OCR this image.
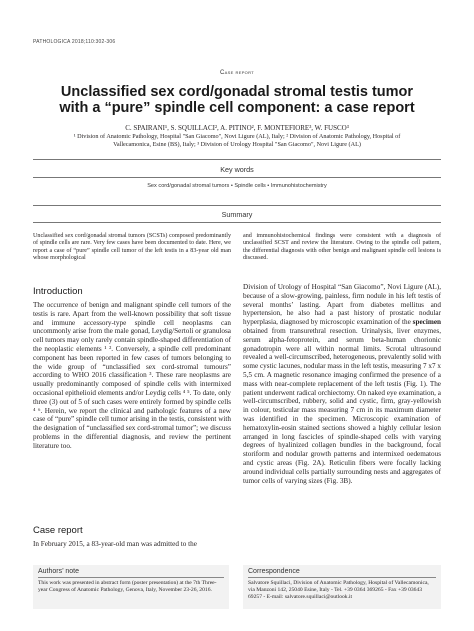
PATHOLOGICA 2018;110:302-306
Case report
Unclassified sex cord/gonadal stromal testis tumor
with a “pure” spindle cell component: a case report
C. SPAIRANI¹, S. SQUILLACI², A. PITINO², F. MONTEFIORE³, W. FUSCO³
¹ Division of Anatomic Pathology, Hospital "San Giacomo", Novi Ligure (AL), Italy; ² Division of Anatomic Pathology, Hospital of
Vallecamonica, Esine (BS), Italy; ³ Division of Urology Hospital "San Giacomo", Novi Ligure (AL)
Key words
Sex cord/gonadal stromal tumors • Spindle cells • Immunohistochemistry
Summary
Unclassified sex cord/gonadal stromal tumors (SCSTs) composed predominantly of spindle cells are rare. Very few cases have been documented to date. Here, we report a case of “pure” spindle cell tumor of the left testis in a 83-year old man whose morphological
and immunohistochemical findings were consistent with a diagnosis of unclassified SCST and review the literature. Owing to the spindle cell pattern, the differential diagnosis with other benign and malignant spindle cell lesions is discussed.
Introduction

The occurrence of benign and malignant spindle cell tumors of the testis is rare. Apart from the well-known possibility that soft tissue and immune accessory-type spindle cell neoplasms can uncommonly arise from the male gonad, Leydig/Sertoli or granulosa cell tumors may only rarely contain spindle-shaped differentiation of the neoplastic elements ¹ ². Conversely, a spindle cell predominant component has been reported in few cases of tumors belonging to the wide group of “unclassified sex cord-stromal tumours” according to WHO 2016 classification ³. These rare neoplasms are usually predominantly composed of spindle cells with intermixed occasional epithelioid elements and/or Leydig cells ⁴ ⁵. To date, only three (3) out of 5 of such cases were entirely formed by spindle cells ⁴ ⁶. Herein, we report the clinical and pathologic features of a new case of “pure” spindle cell tumor arising in the testis, consistent with the designation of “unclassified sex cord-stromal tumor”; we discuss problems in the differential diagnosis, and review the pertinent literature too.

Case report

In February 2015, a 83-year-old man was admitted to the

Division of Urology of Hospital “San Giacomo”, Novi Ligure (AL), because of a slow-growing, painless, firm nodule in his left testis of several months’ lasting. Apart from diabetes mellitus and hypertension, he also had a past history of prostatic nodular hyperplasia, diagnosed by microscopic examination of the specimen obtained from transurethral resection. Urinalysis, liver enzymes, serum alpha-fetoprotein, and serum beta-human chorionic gonadotropin were all within normal limits. Scrotal ultrasound revealed a well-circumscribed, heterogeneous, prevalently solid with some cystic lacunes, nodular mass in the left testis, measuring 7 x7 x 5,5 cm. A magnetic resonance imaging confirmed the presence of a mass with near-complete replacement of the left testis (Fig. 1). The patient underwent radical orchiectomy. On naked eye examination, a well-circumscribed, rubbery, solid and cystic, firm, gray-yellowish in colour, testicular mass measuring 7 cm in its maximum diameter was identified in the specimen. Microscopic examination of hematoxylin-eosin stained sections showed a highly cellular lesion arranged in long fascicles of spindle-shaped cells with varying degrees of hyalinized collagen bundles in the background, focal storiform and nodular growth patterns and intermixed oedematous and cystic areas (Fig. 2A). Reticulin fibers were focally lacking around individual cells partially surrounding nests and aggregates of tumor cells of varying sizes (Fig. 3B).

Authors’ note
This work was presented in abstract form (poster presentation) at the 7th Three-year Congress of Anatomic Pathology, Genova, Italy, November 23-26, 2016.
Correspondence
Salvatore Squillaci, Division of Anatomic Pathology, Hospital of Vallecamonica, via Manzoni 142, 25040 Esine, Italy - Tel. +39 0364 369265 - Fax +39 03643 69257 - E-mail: salvatore.squillaci@outlook.it
